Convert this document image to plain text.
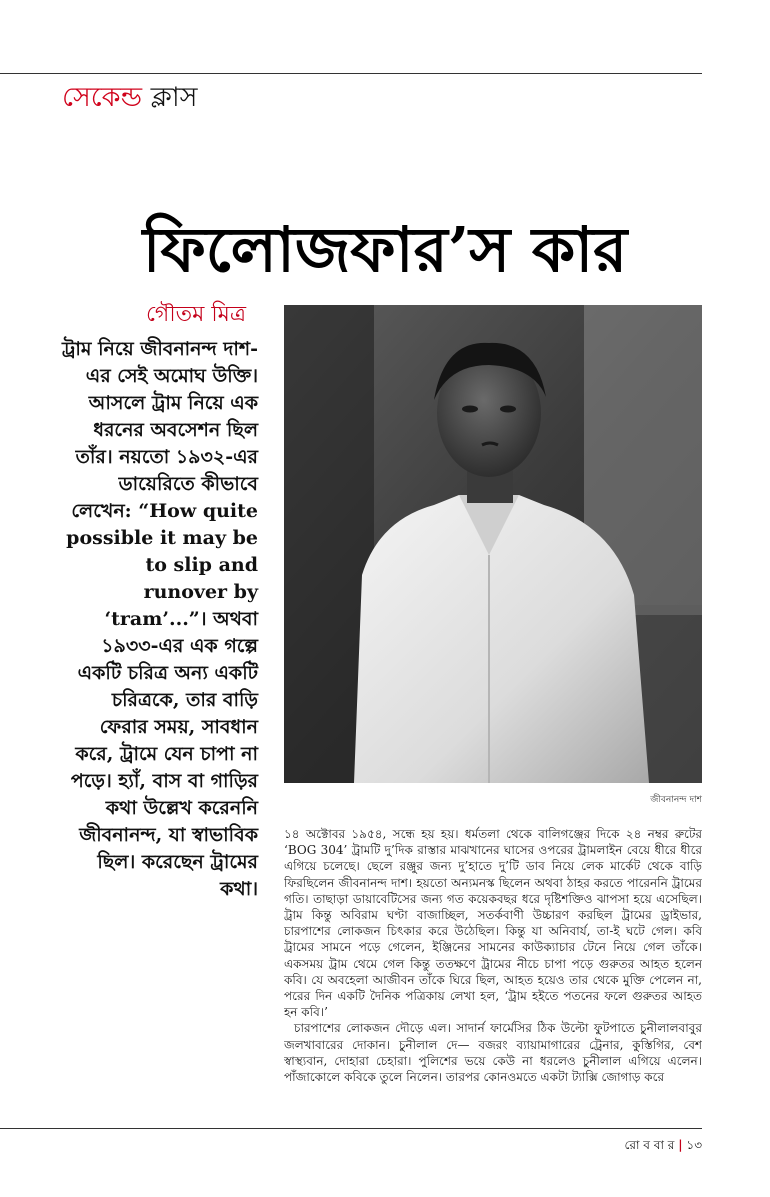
সেকেন্ড ক্লাস
ফিলোজফার’স কার
গৌতম মিত্র

ট্রাম নিয়ে জীবনানন্দ দাশ-এর সেই অমোঘ উক্তি। আসলে ট্রাম নিয়ে এক ধরনের অবসেশন ছিল তাঁর। নয়তো ১৯৩২-এর ডায়েরিতে কীভাবে লেখেন: “How quite possible it may be to slip and runover by ‘tram’...”। অথবা ১৯৩৩-এর এক গল্পে একটি চরিত্র অন্য একটি চরিত্রকে, তার বাড়ি ফেরার সময়, সাবধান করে, ট্রামে যেন চাপা না পড়ে। হ্যাঁ, বাস বা গাড়ির কথা উল্লেখ করেননি জীবনানন্দ, যা স্বাভাবিক ছিল। করেছেন ট্রামের কথা।

জীবনানন্দ দাশ

১৪ অক্টোবর ১৯৫৪, সন্ধে হয় হয়। ধর্মতলা থেকে বালিগঞ্জের দিকে ২৪ নম্বর রুটের ‘BOG 304’ ট্রামটি দু’দিক রাস্তার মাঝখানের ঘাসের ওপরের ট্রামলাইন বেয়ে ধীরে ধীরে এগিয়ে চলেছে। ছেলে রঞ্জুর জন্য দু’হাতে দু’টি ডাব নিয়ে লেক মার্কেট থেকে বাড়ি ফিরছিলেন জীবনানন্দ দাশ। হয়তো অন্যমনস্ক ছিলেন অথবা ঠাহর করতে পারেননি ট্রামের গতি। তাছাড়া ডায়াবেটিসের জন্য গত কয়েকবছর ধরে দৃষ্টিশক্তিও ঝাপসা হয়ে এসেছিল। ট্রাম কিন্তু অবিরাম ঘণ্টা বাজাচ্ছিল, সতর্কবাণী উচ্চারণ করছিল ট্রামের ড্রাইভার, চারপাশের লোকজন চিৎকার করে উঠেছিল। কিন্তু যা অনিবার্য, তা-ই ঘটে গেল। কবি ট্রামের সামনে পড়ে গেলেন, ইঞ্জিনের সামনের কাউক্যাচার টেনে নিয়ে গেল তাঁকে। একসময় ট্রাম থেমে গেল কিন্তু ততক্ষণে ট্রামের নীচে চাপা পড়ে গুরুতর আহত হলেন কবি। যে অবহেলা আজীবন তাঁকে ঘিরে ছিল, আহত হয়েও তার থেকে মুক্তি পেলেন না, পরের দিন একটি দৈনিক পত্রিকায় লেখা হল, ‘ট্রাম হইতে পতনের ফলে গুরুতর আহত হন কবি।’

চারপাশের লোকজন দৌড়ে এল। সাদার্ন ফার্মেসির ঠিক উল্টো ফুটপাতে চুনীলালবাবুর জলখাবারের দোকান। চুনীলাল দে— বজরং ব্যায়ামাগারের ট্রেনার, কুস্তিগির, বেশ স্বাস্থ্যবান, দোহারা চেহারা। পুলিশের ভয়ে কেউ না ধরলেও চুনীলাল এগিয়ে এলেন। পাঁজাকোলে কবিকে তুলে নিলেন। তারপর কোনওমতে একটা ট্যাক্সি জোগাড় করে

রো ব বা র | ১৩
